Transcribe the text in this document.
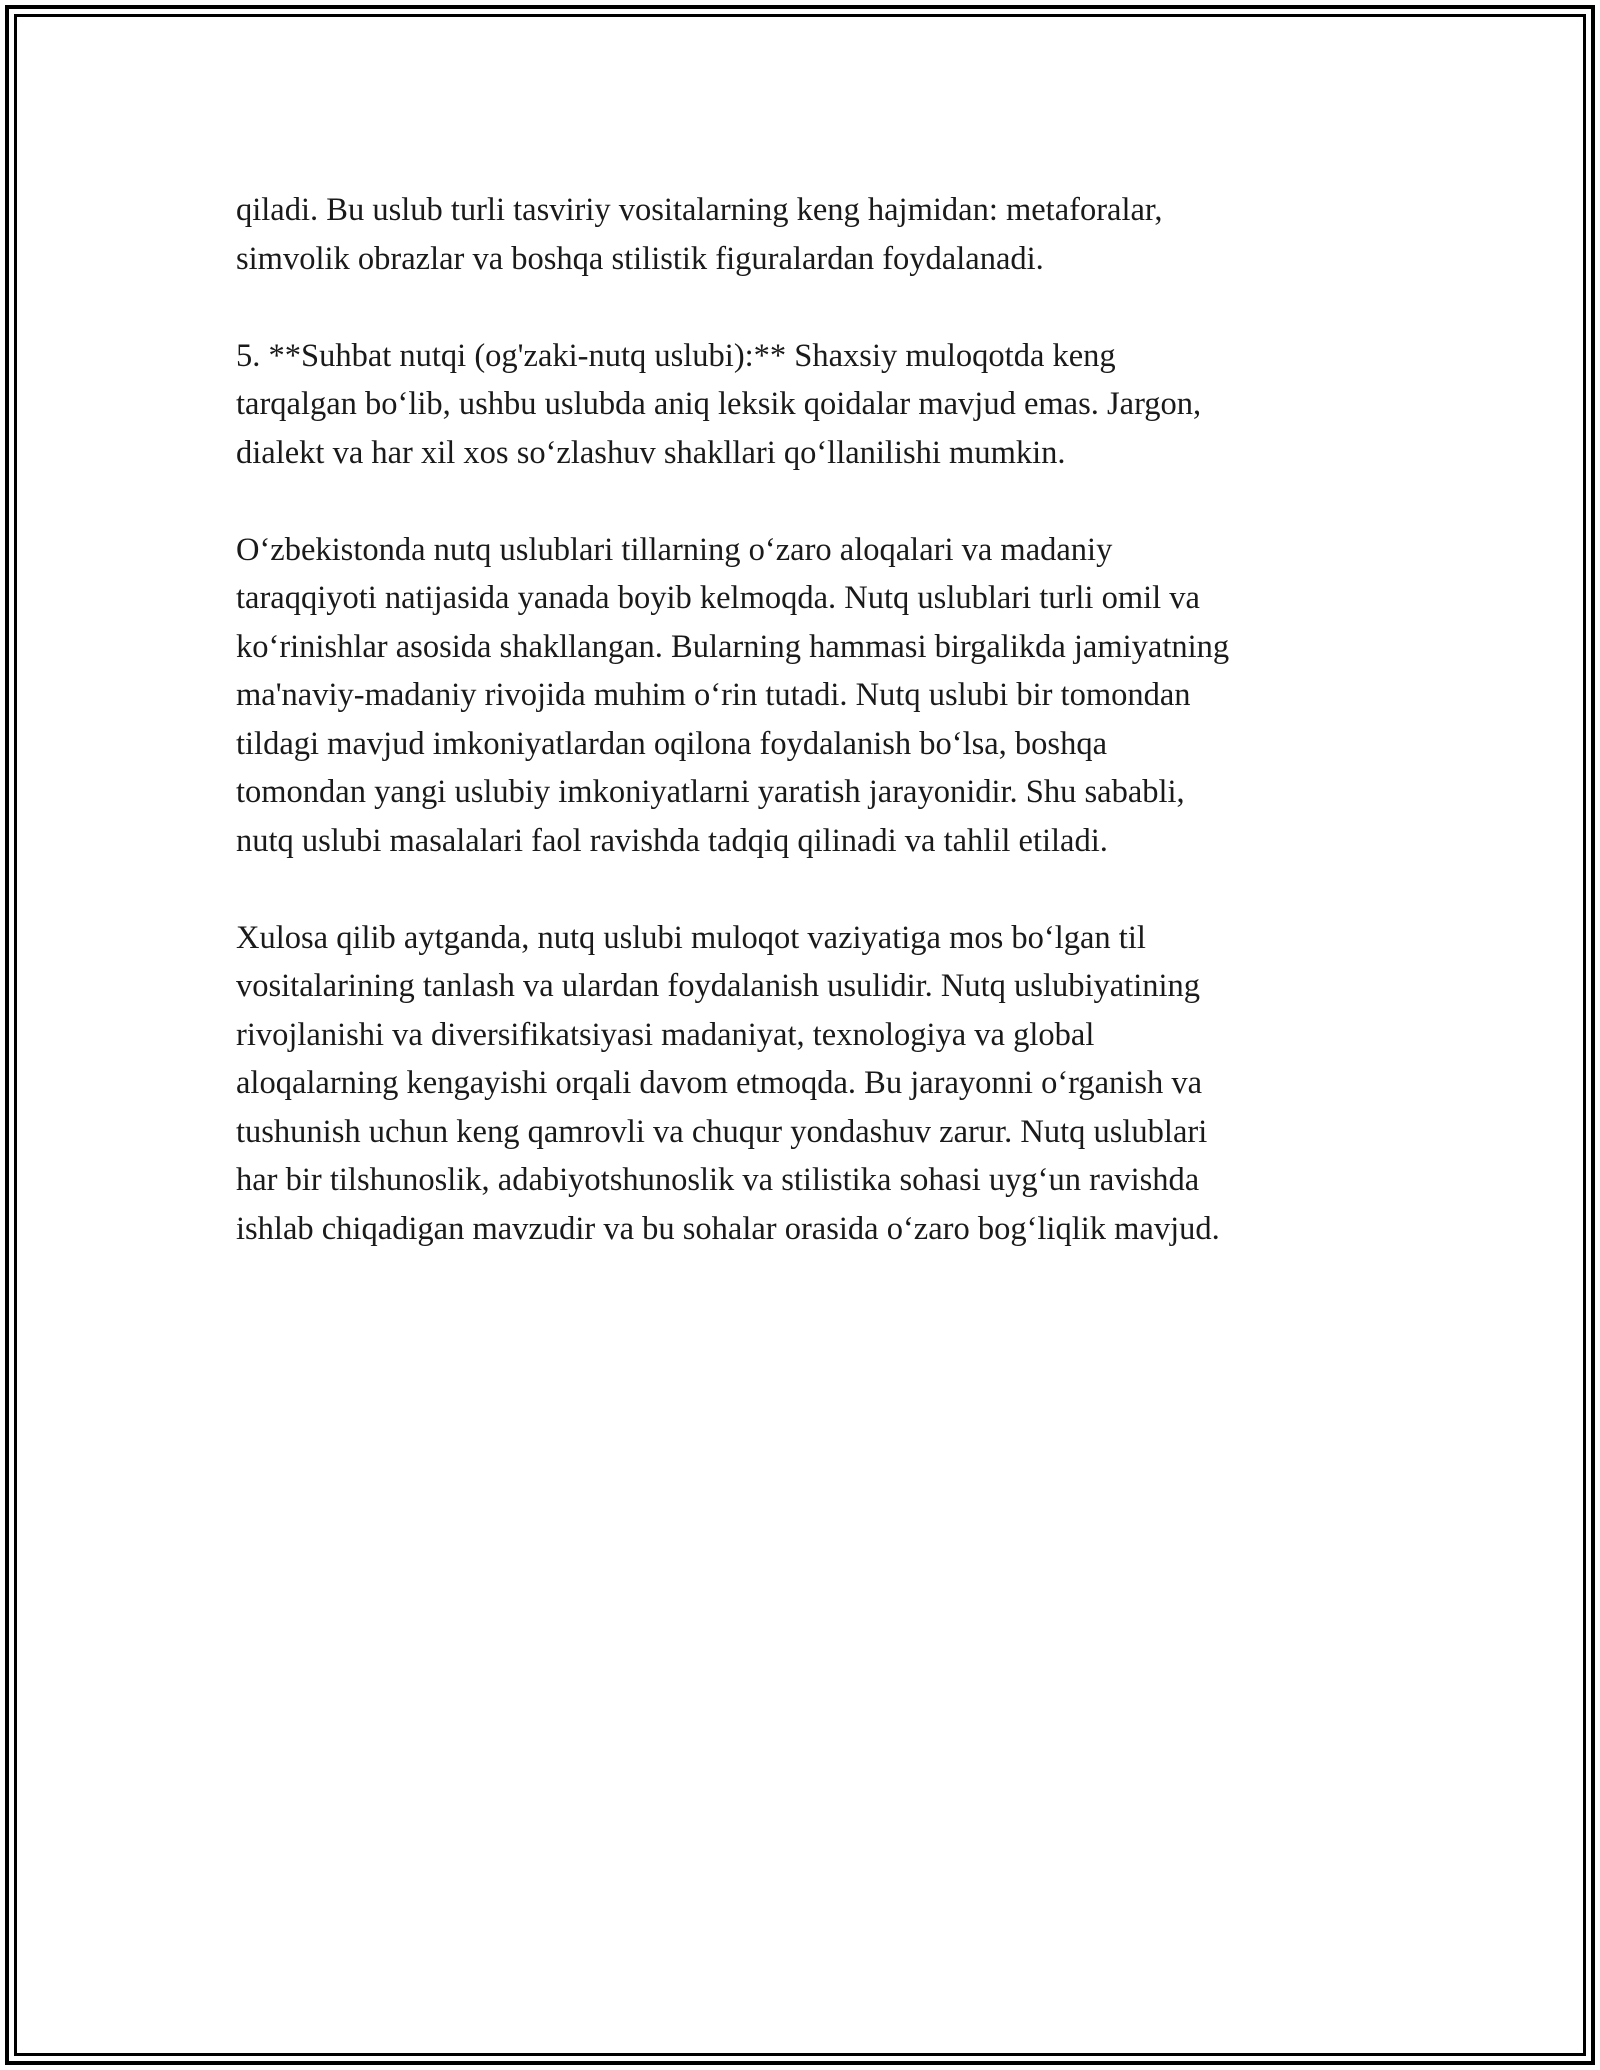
qiladi. Bu uslub turli tasviriy vositalarning keng hajmidan: metaforalar,
simvolik obrazlar va boshqa stilistik figuralardan foydalanadi.

5. **Suhbat nutqi (og'zaki-nutq uslubi):** Shaxsiy muloqotda keng
tarqalgan bo‘lib, ushbu uslubda aniq leksik qoidalar mavjud emas. Jargon,
dialekt va har xil xos so‘zlashuv shakllari qo‘llanilishi mumkin.

O‘zbekistonda nutq uslublari tillarning o‘zaro aloqalari va madaniy
taraqqiyoti natijasida yanada boyib kelmoqda. Nutq uslublari turli omil va
ko‘rinishlar asosida shakllangan. Bularning hammasi birgalikda jamiyatning
ma'naviy-madaniy rivojida muhim o‘rin tutadi. Nutq uslubi bir tomondan
tildagi mavjud imkoniyatlardan oqilona foydalanish bo‘lsa, boshqa
tomondan yangi uslubiy imkoniyatlarni yaratish jarayonidir. Shu sababli,
nutq uslubi masalalari faol ravishda tadqiq qilinadi va tahlil etiladi.

Xulosa qilib aytganda, nutq uslubi muloqot vaziyatiga mos bo‘lgan til
vositalarining tanlash va ulardan foydalanish usulidir. Nutq uslubiyatining
rivojlanishi va diversifikatsiyasi madaniyat, texnologiya va global
aloqalarning kengayishi orqali davom etmoqda. Bu jarayonni o‘rganish va
tushunish uchun keng qamrovli va chuqur yondashuv zarur. Nutq uslublari
har bir tilshunoslik, adabiyotshunoslik va stilistika sohasi uyg‘un ravishda
ishlab chiqadigan mavzudir va bu sohalar orasida o‘zaro bog‘liqlik mavjud.
